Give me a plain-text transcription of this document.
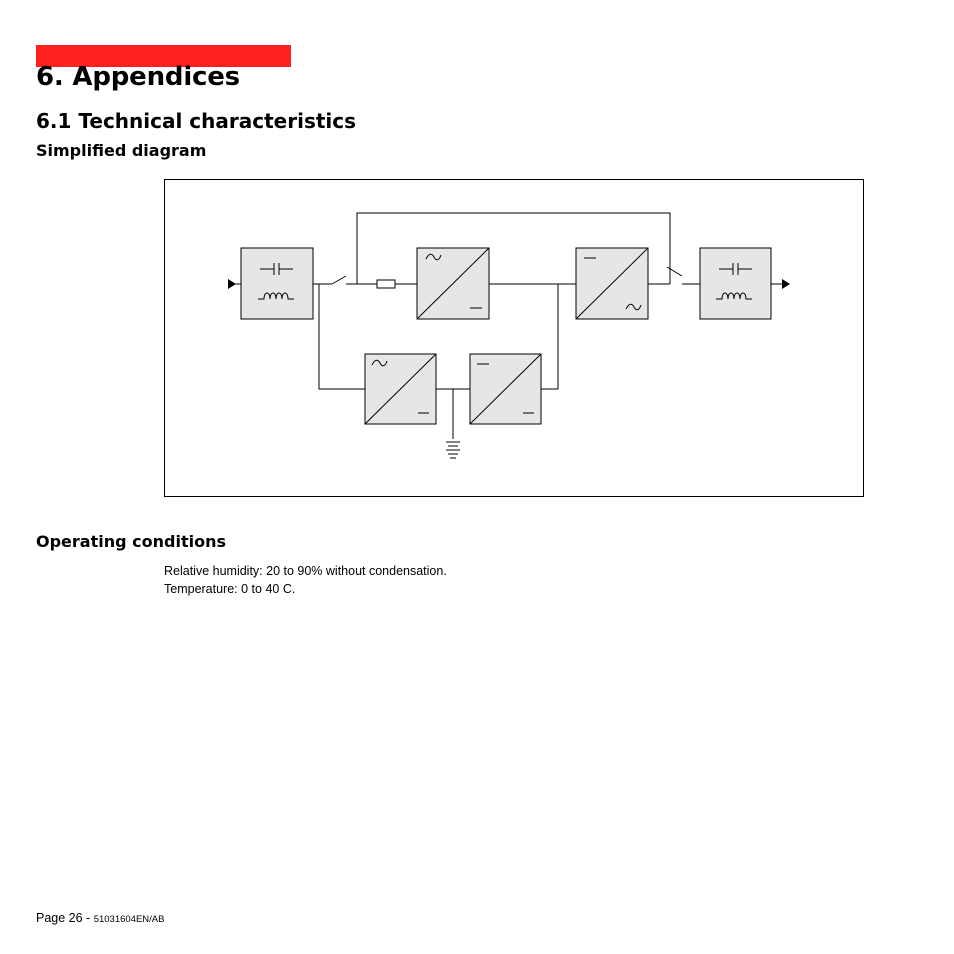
6. Appendices
6.1 Technical characteristics
Simplified diagram
Operating conditions
Relative humidity: 20 to 90% without condensation.
Temperature: 0 to 40 C.
Page 26 - 51031604EN/AB
